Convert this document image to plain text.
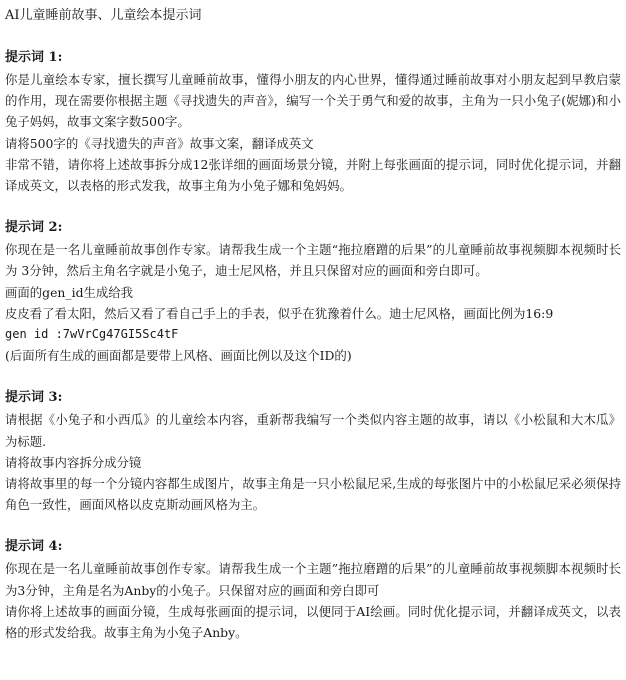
AI儿童睡前故事、儿童绘本提示词
提示词 1:

你是儿童绘本专家，擅长撰写儿童睡前故事，懂得小朋友的内心世界，懂得通过睡前故事对小朋友起到早教启蒙的作用，现在需要你根据主题《寻找遗失的声音》，编写一个关于勇气和爱的故事，主角为一只小兔子(妮娜)和小兔子妈妈，故事文案字数500字。

请将500字的《寻找遗失的声音》故事文案，翻译成英文

非常不错，请你将上述故事拆分成12张详细的画面场景分镜，并附上每张画面的提示词，同时优化提示词，并翻译成英文，以表格的形式发我，故事主角为小兔子娜和兔妈妈。

提示词 2:

你现在是一名儿童睡前故事创作专家。请帮我生成一个主题“拖拉磨蹭的后果”的儿童睡前故事视频脚本视频时长为 3分钟，然后主角名字就是小兔子，迪士尼风格，并且只保留对应的画面和旁白即可。

画面的gen_id生成给我

皮皮看了看太阳，然后又看了看自己手上的手表，似乎在犹豫着什么。迪士尼风格，画面比例为16:9

gen id :7wVrCg47GI5Sc4tF

(后面所有生成的画面都是要带上风格、画面比例以及这个ID的)

提示词 3:

请根据《小兔子和小西瓜》的儿童绘本内容，重新帮我编写一个类似内容主题的故事，请以《小松鼠和大木瓜》为标题.

请将故事内容拆分成分镜

请将故事里的每一个分镜内容都生成图片，故事主角是一只小松鼠尼采,生成的每张图片中的小松鼠尼采必须保持角色一致性，画面风格以皮克斯动画风格为主。

提示词 4:

你现在是一名儿童睡前故事创作专家。请帮我生成一个主题”拖拉磨蹭的后果”的儿童睡前故事视频脚本视频时长为3分钟，主角是名为Anby的小兔子。只保留对应的画面和旁白即可

请你将上述故事的画面分镜，生成每张画面的提示词，以便同于AI绘画。同时优化提示词，并翻译成英文，以表格的形式发给我。故事主角为小兔子Anby。
